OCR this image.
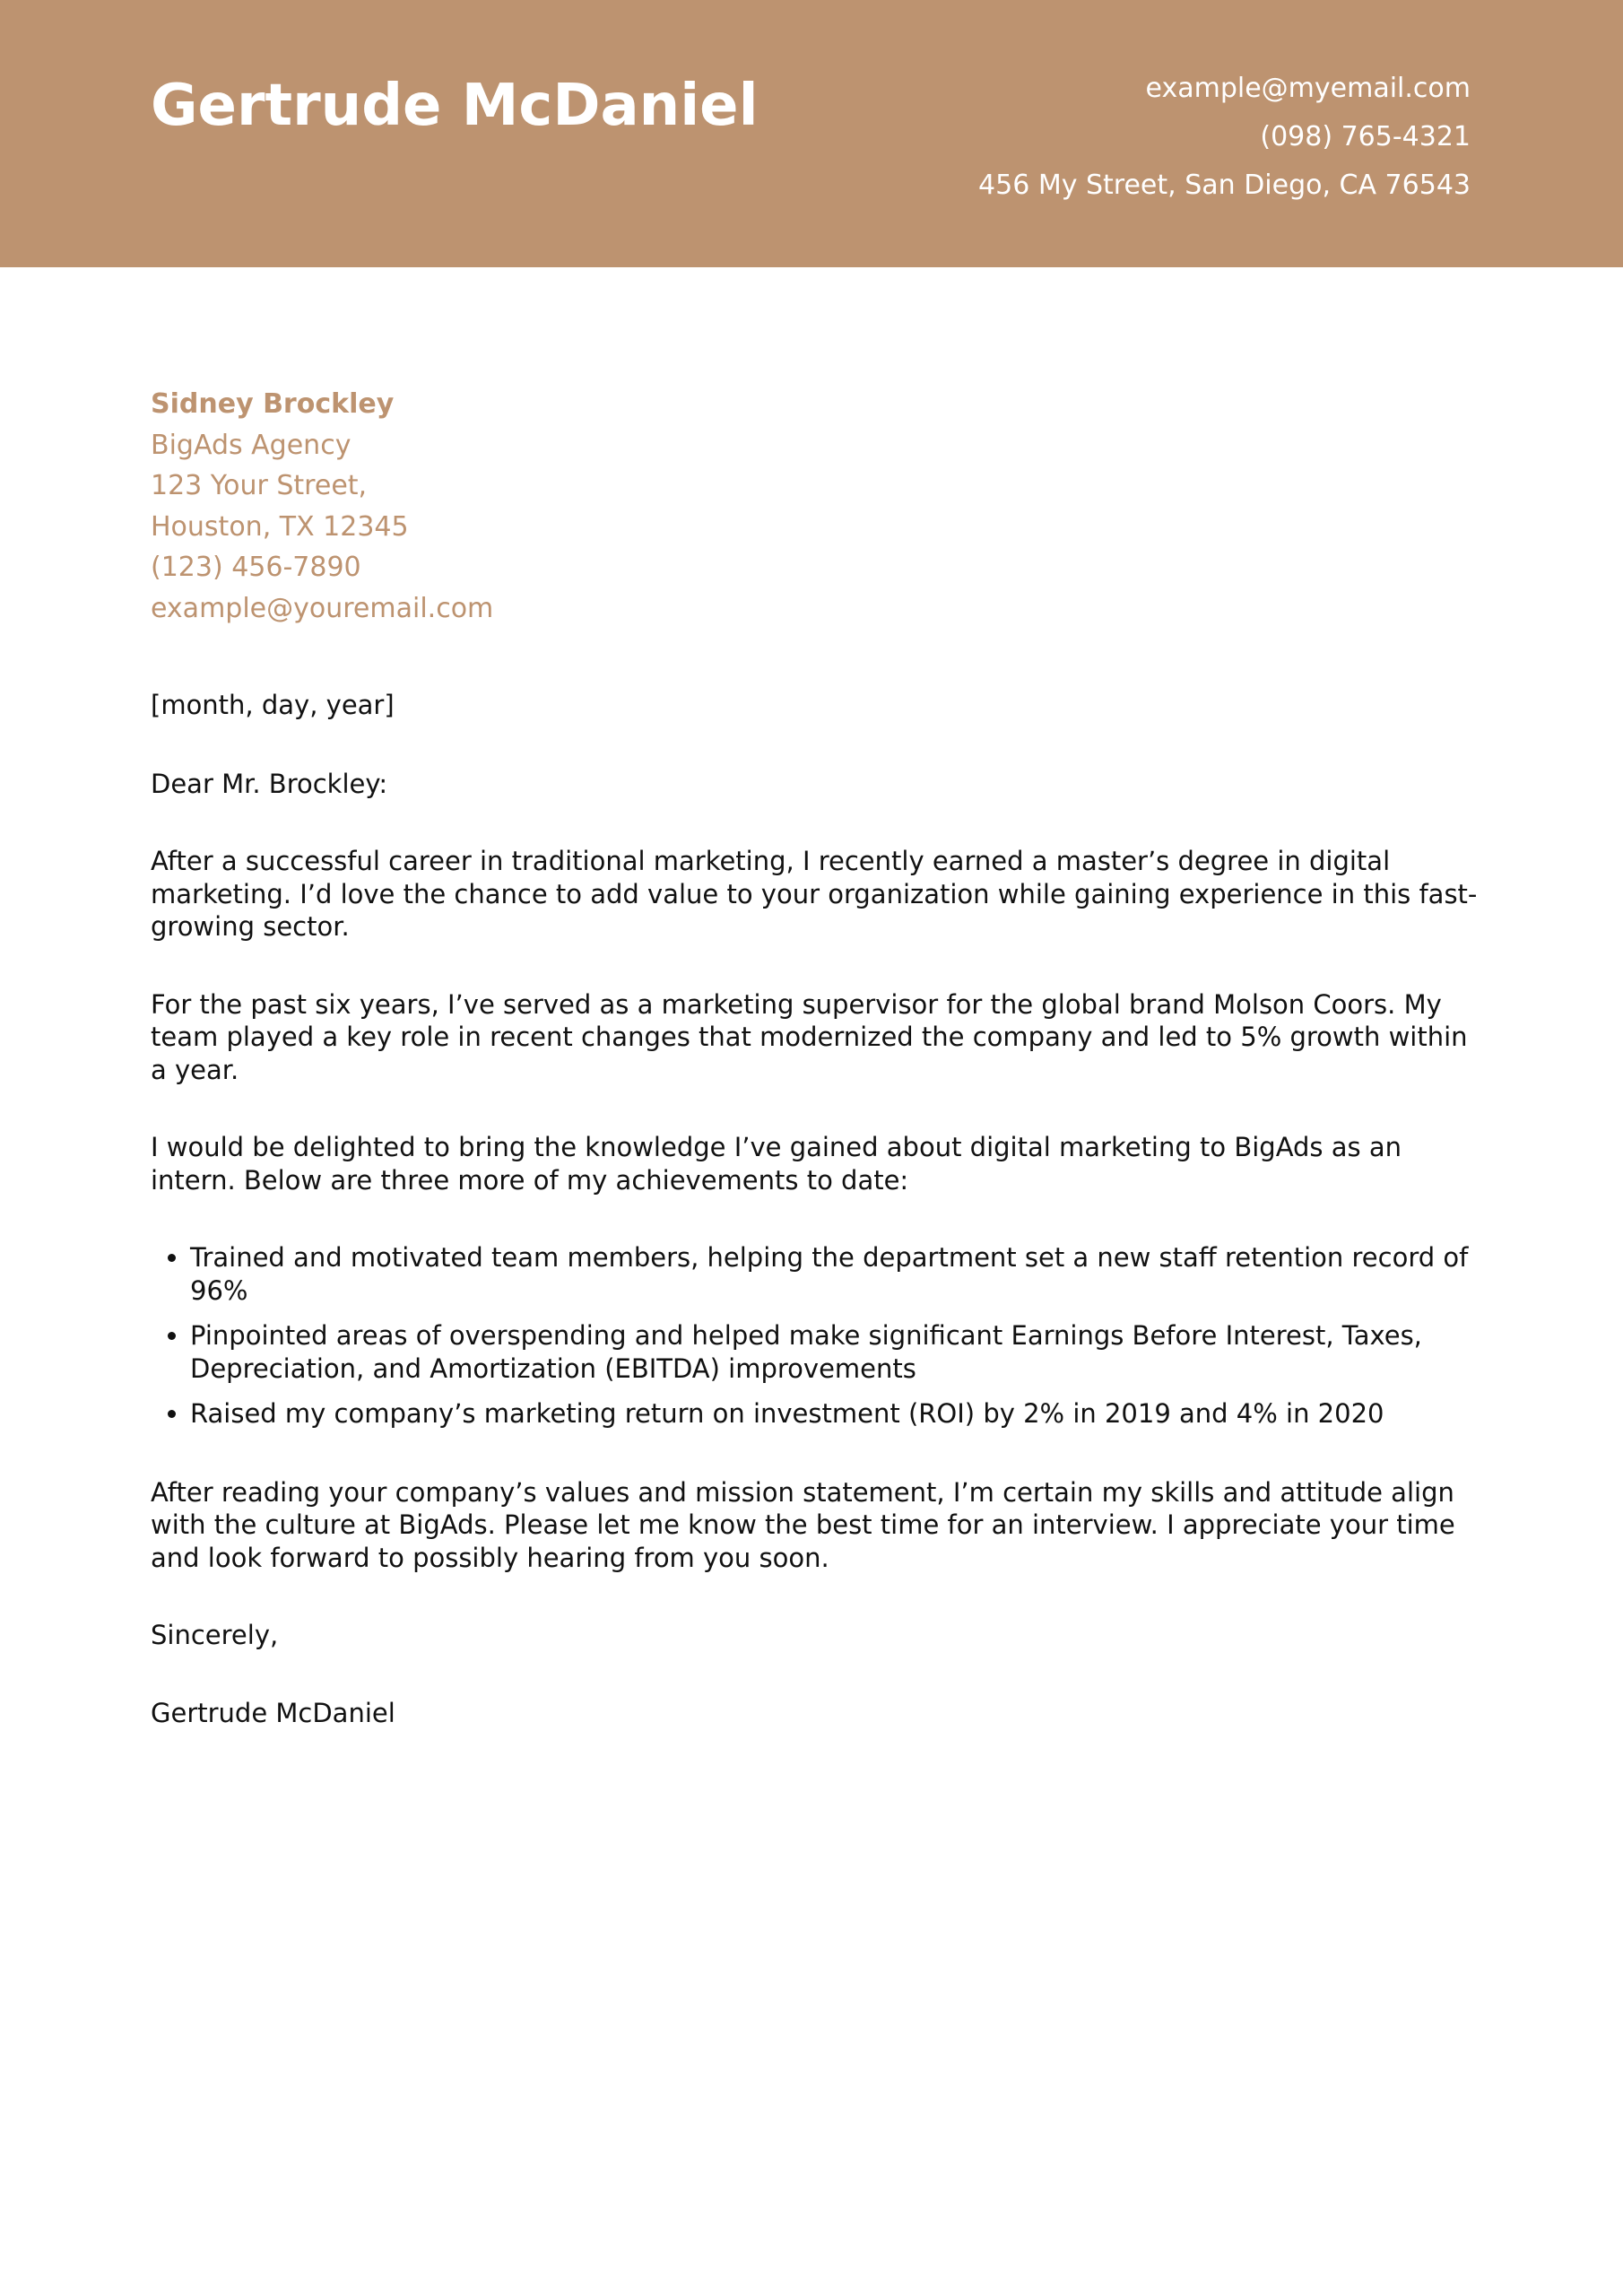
Gertrude McDaniel	example@myemail.com
(098) 765-4321
456 My Street, San Diego, CA 76543
Sidney Brockley
BigAds Agency
123 Your Street,
Houston, TX 12345
(123) 456-7890
example@youremail.com

[month, day, year]

Dear Mr. Brockley:

After a successful career in traditional marketing, I recently earned a master’s degree in digital marketing. I’d love the chance to add value to your organization while gaining experience in this fast-growing sector.

For the past six years, I’ve served as a marketing supervisor for the global brand Molson Coors. My team played a key role in recent changes that modernized the company and led to 5% growth within a year.

I would be delighted to bring the knowledge I’ve gained about digital marketing to BigAds as an intern. Below are three more of my achievements to date:

• Trained and motivated team members, helping the department set a new staff retention record of 96%
• Pinpointed areas of overspending and helped make significant Earnings Before Interest, Taxes, Depreciation, and Amortization (EBITDA) improvements
• Raised my company’s marketing return on investment (ROI) by 2% in 2019 and 4% in 2020

After reading your company’s values and mission statement, I’m certain my skills and attitude align with the culture at BigAds. Please let me know the best time for an interview. I appreciate your time and look forward to possibly hearing from you soon.

Sincerely,

Gertrude McDaniel
